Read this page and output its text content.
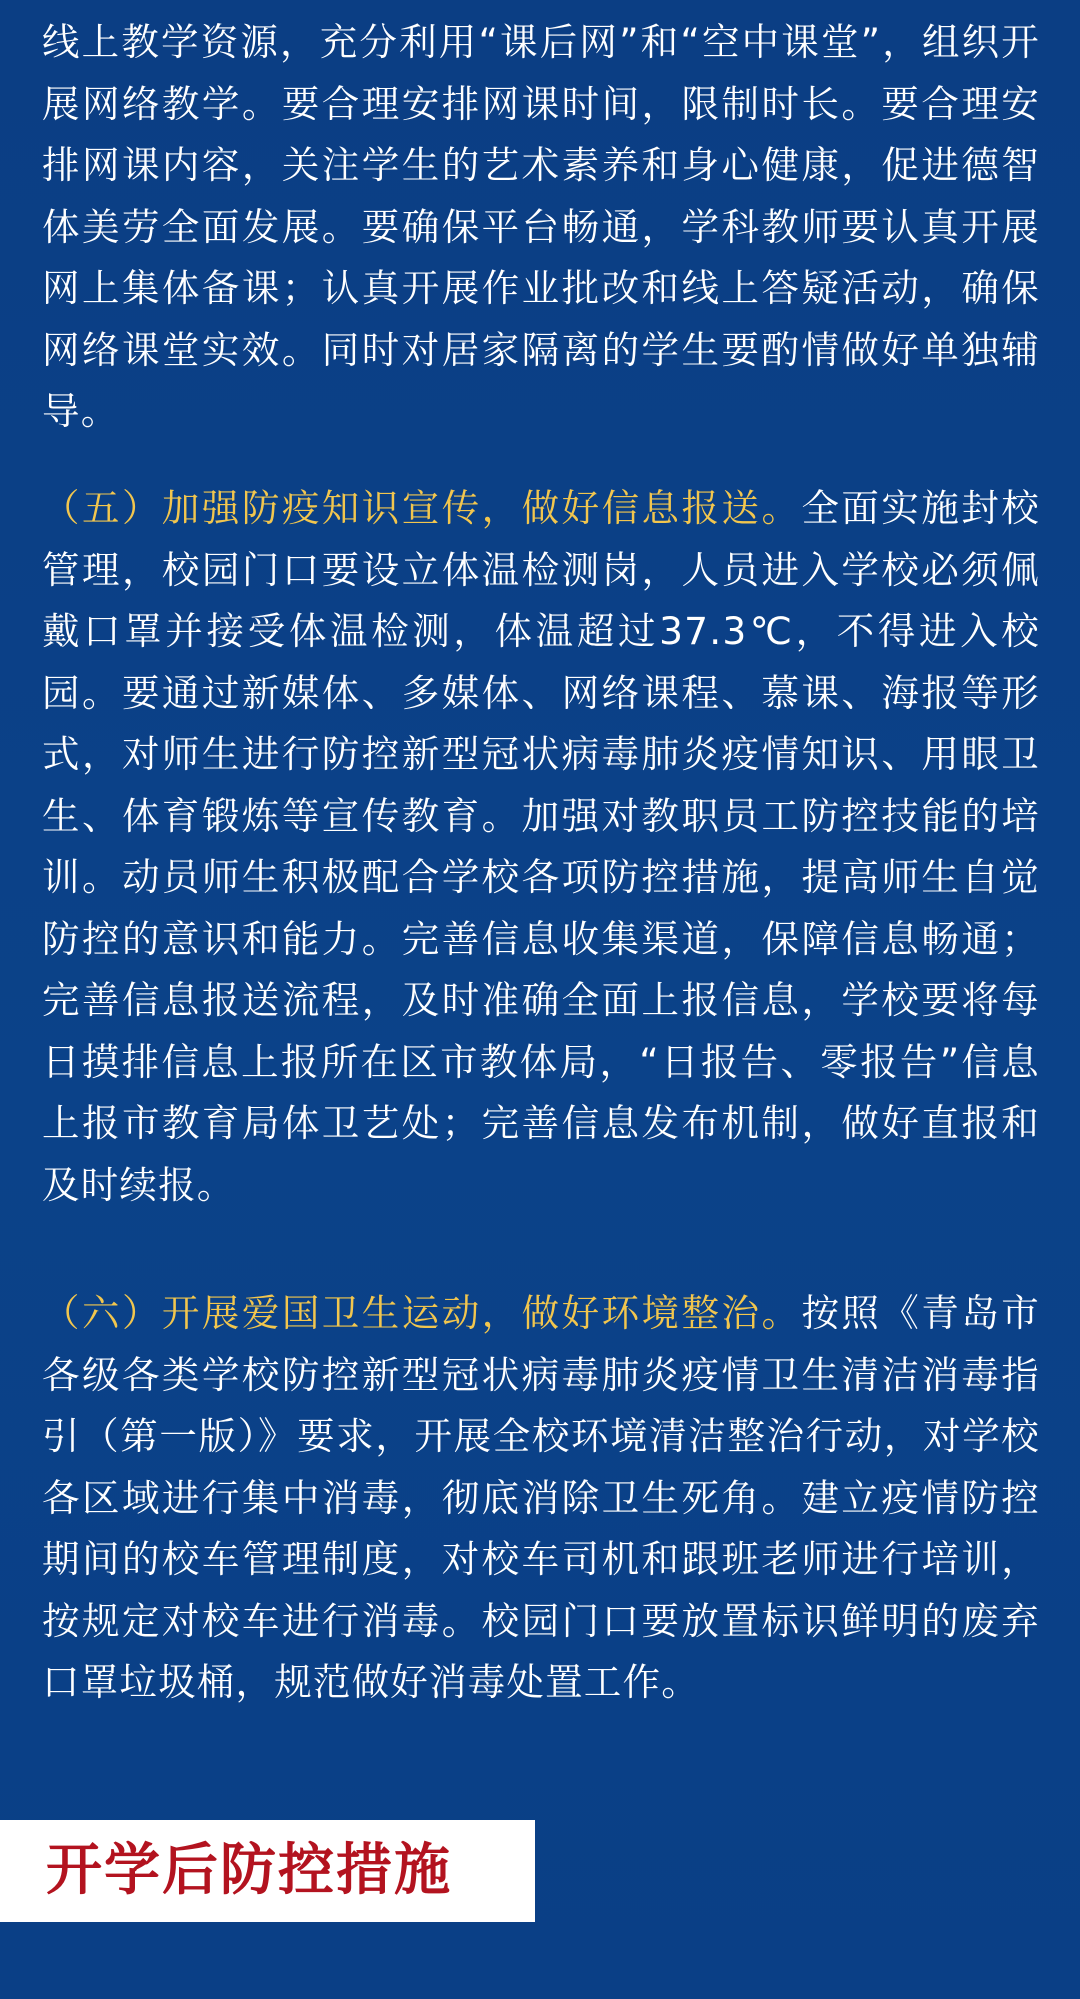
线上教学资源，充分利用“课后网”和“空中课堂”，组织开展网络教学。要合理安排网课时间，限制时长。要合理安排网课内容，关注学生的艺术素养和身心健康，促进德智体美劳全面发展。要确保平台畅通，学科教师要认真开展网上集体备课；认真开展作业批改和线上答疑活动，确保网络课堂实效。同时对居家隔离的学生要酌情做好单独辅导。

（五）加强防疫知识宣传，做好信息报送。全面实施封校管理，校园门口要设立体温检测岗，人员进入学校必须佩戴口罩并接受体温检测，体温超过37.3℃，不得进入校园。要通过新媒体、多媒体、网络课程、慕课、海报等形式，对师生进行防控新型冠状病毒肺炎疫情知识、用眼卫生、体育锻炼等宣传教育。加强对教职员工防控技能的培训。动员师生积极配合学校各项防控措施，提高师生自觉防控的意识和能力。完善信息收集渠道，保障信息畅通；完善信息报送流程，及时准确全面上报信息，学校要将每日摸排信息上报所在区市教体局，“日报告、零报告”信息上报市教育局体卫艺处；完善信息发布机制，做好直报和及时续报。

（六）开展爱国卫生运动，做好环境整治。按照《青岛市各级各类学校防控新型冠状病毒肺炎疫情卫生清洁消毒指引（第一版）》要求，开展全校环境清洁整治行动，对学校各区域进行集中消毒，彻底消除卫生死角。建立疫情防控期间的校车管理制度，对校车司机和跟班老师进行培训，按规定对校车进行消毒。校园门口要放置标识鲜明的废弃口罩垃圾桶，规范做好消毒处置工作。

开学后防控措施
